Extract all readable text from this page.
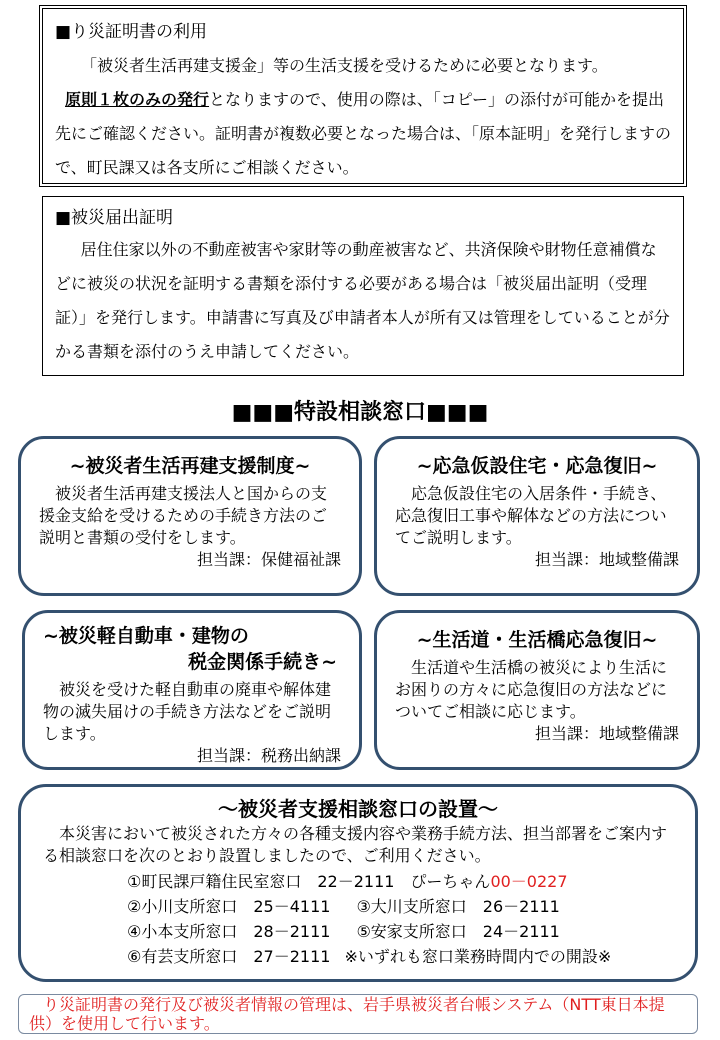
■り災証明書の利用

「被災者生活再建支援金」等の生活支援を受けるために必要となります。
原則１枚のみの発行となりますので、使用の際は、「コピー」の添付が可能かを提出先にご確認ください。証明書が複数必要となった場合は、「原本証明」を発行しますので、町民課又は各支所にご相談ください。

■被災届出証明

居住住家以外の不動産被害や家財等の動産被害など、共済保険や財物任意補償などに被災の状況を証明する書類を添付する必要がある場合は「被災届出証明（受理証）」を発行します。申請書に写真及び申請者本人が所有又は管理をしていることが分かる書類を添付のうえ申請してください。

■■■特設相談窓口■■■

~被災者生活再建支援制度~

被災者生活再建支援法人と国からの支援金支給を受けるための手続き方法のご説明と書類の受付をします。

担当課：保健福祉課

~応急仮設住宅・応急復旧~

応急仮設住宅の入居条件・手続き、応急復旧工事や解体などの方法についてご説明します。

担当課：地域整備課

~被災軽自動車・建物の
税金関係手続き~

被災を受けた軽自動車の廃車や解体建物の滅失届けの手続き方法などをご説明します。

担当課：税務出納課

~生活道・生活橋応急復旧~

生活道や生活橋の被災により生活にお困りの方々に応急復旧の方法などについてご相談に応じます。

担当課：地域整備課

～被災者支援相談窓口の設置～

本災害において被災された方々の各種支援内容や業務手続方法、担当部署をご案内する相談窓口を次のとおり設置しましたので、ご利用ください。

①町民課戸籍住民室窓口　22－2111　ぴーちゃん00－0227
②小川支所窓口　25－4111 ③大川支所窓口　26－2111
④小本支所窓口　28－2111 ⑤安家支所窓口　24－2111
⑥有芸支所窓口　27－2111 ※いずれも窓口業務時間内での開設※
り災証明書の発行及び被災者情報の管理は、岩手県被災者台帳システム（NTT東日本提供）を使用して行います。
